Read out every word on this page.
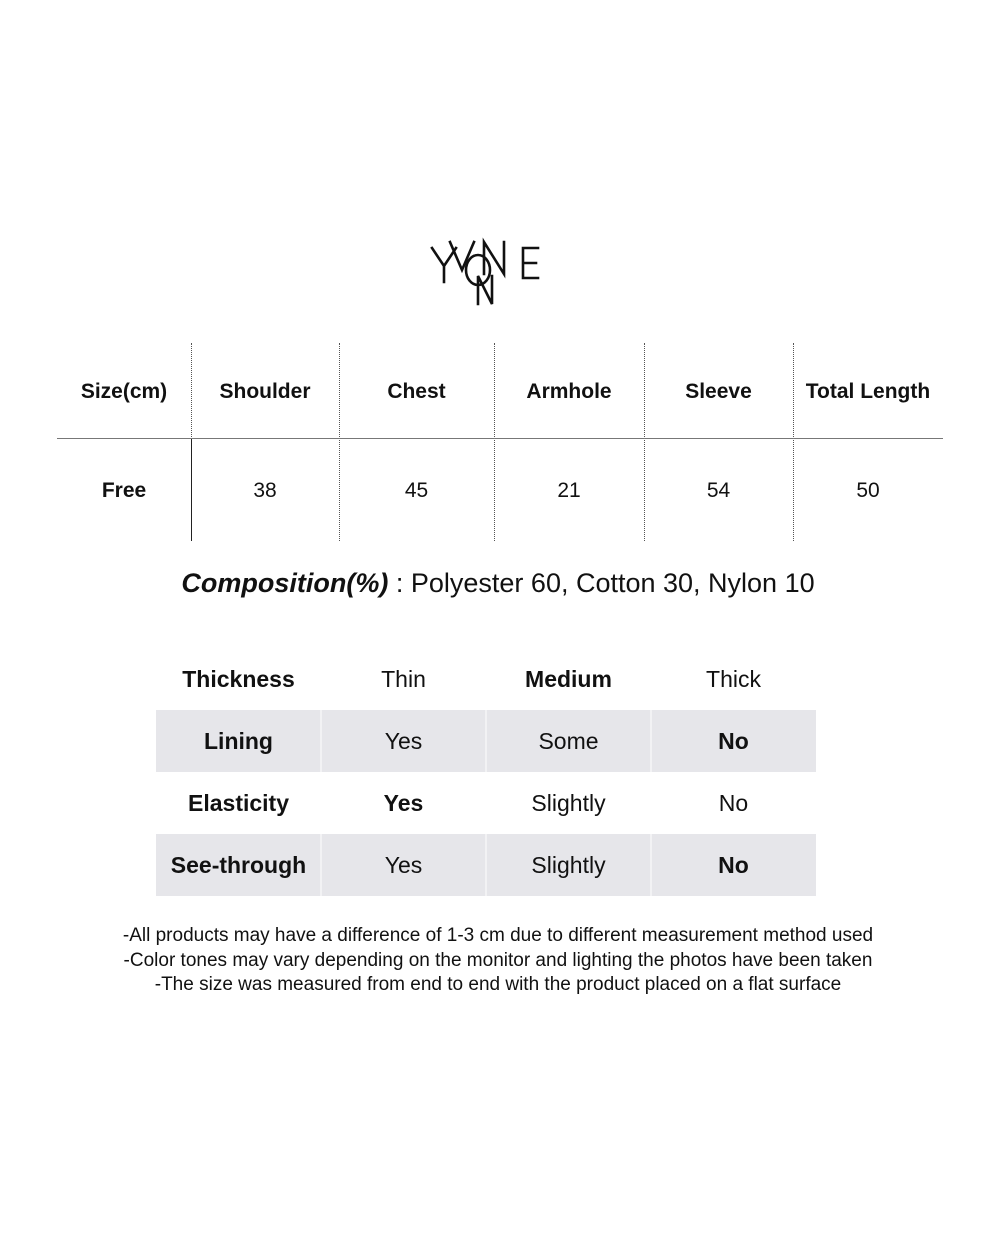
Size(cm)	Shoulder	Chest	Armhole	Sleeve	Total Length
Free	38	45	21	54	50
Composition(%) : Polyester 60, Cotton 30, Nylon 10
Thickness	Thin	Medium	Thick
Lining	Yes	Some	No
Elasticity	Yes	Slightly	No
See-through	Yes	Slightly	No
-All products may have a difference of 1-3 cm due to different measurement method used
-Color tones may vary depending on the monitor and lighting the photos have been taken
-The size was measured from end to end with the product placed on a flat surface
